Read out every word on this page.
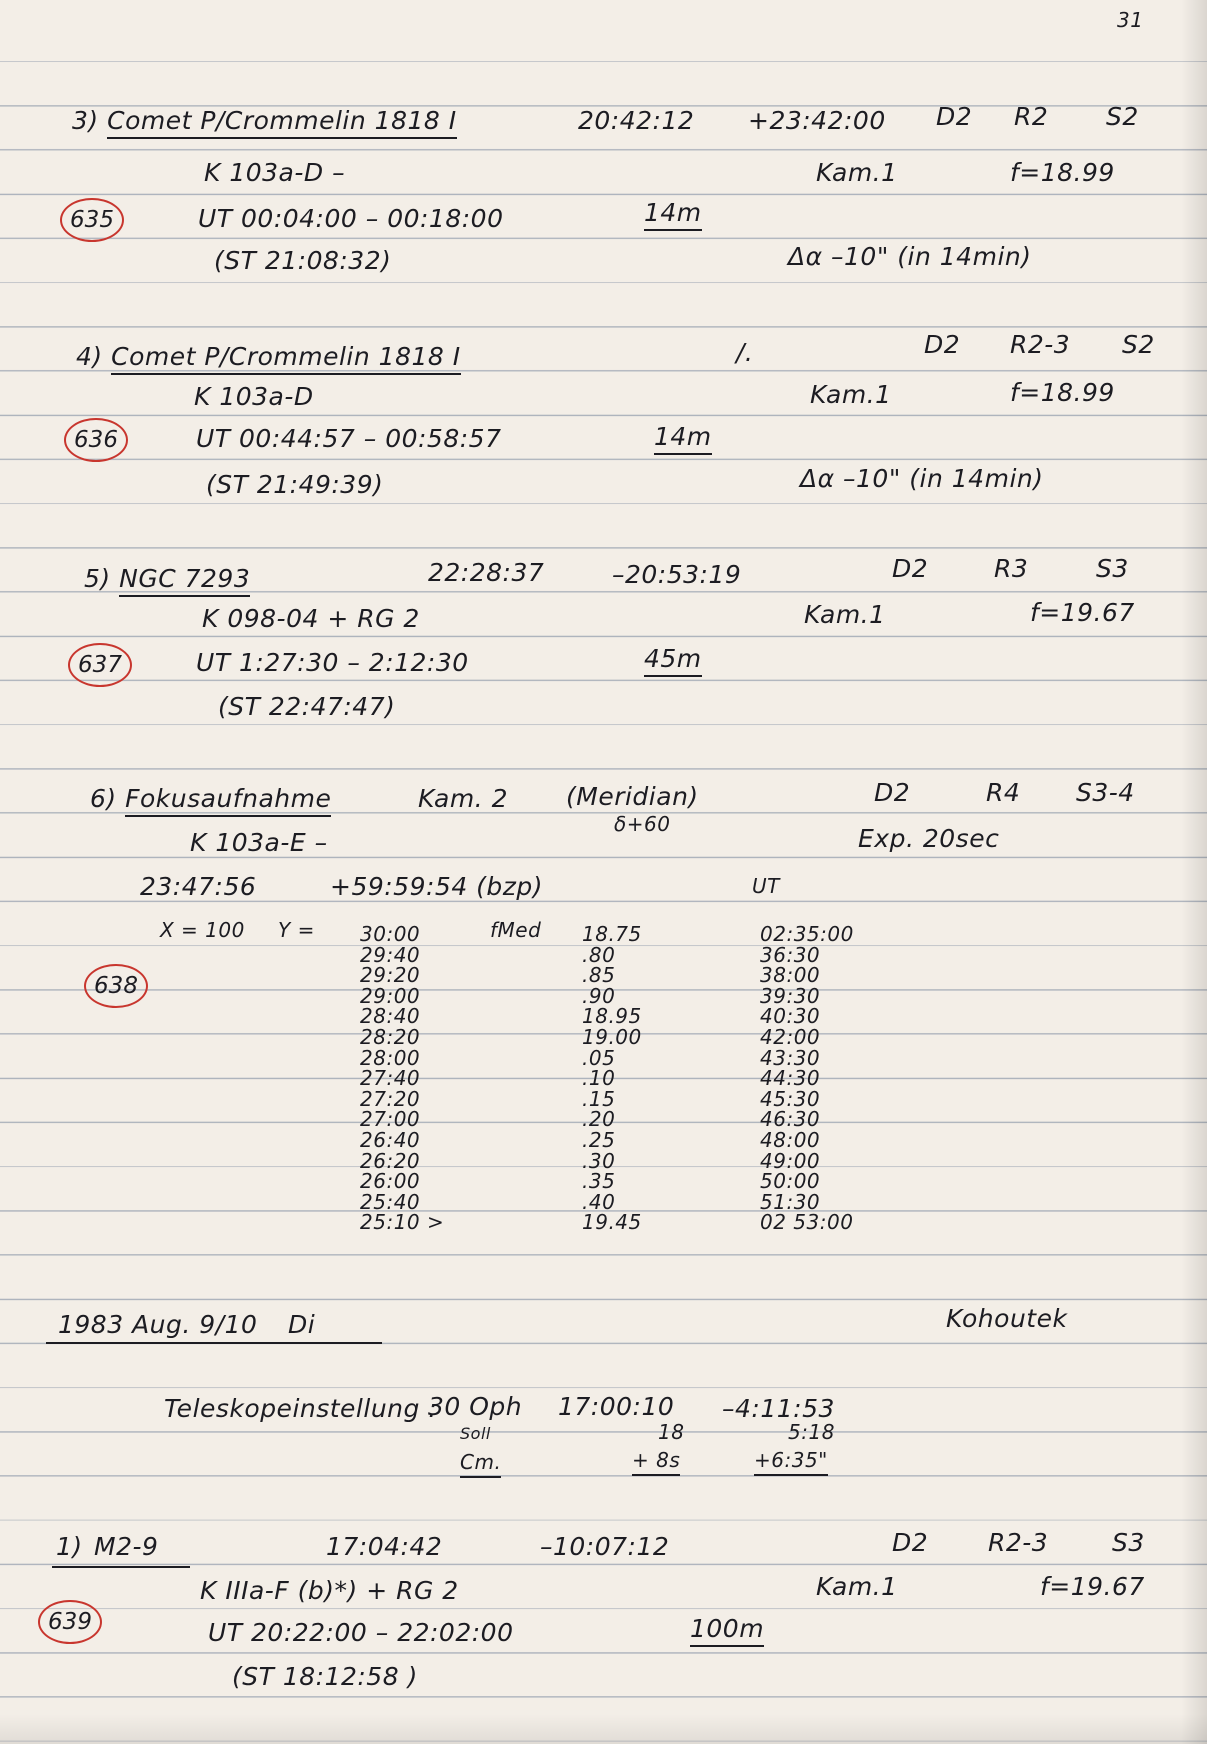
31
3) Comet P/Crommelin 1818 I	20:42:12 +23:42:00 D2 R2 S2
K 103a-D –	Kam.1	f=18.99
635	UT 00:04:00 – 00:18:00	14m
(ST 21:08:32)	Δα –10" (in 14min)
4) Comet P/Crommelin 1818 I	/.	D2 R2-3 S2
K 103a-D	Kam.1	f=18.99
636	UT 00:44:57 – 00:58:57	14m
(ST 21:49:39)	Δα –10" (in 14min)
5) NGC 7293	22:28:37	–20:53:19	D2	R3	S3
K 098-04 + RG 2	Kam.1	f=19.67
637	UT 1:27:30 – 2:12:30	45m
(ST 22:47:47)
6) Fokusaufnahme	Kam. 2 (Meridian)
δ+60
D2	R4 S3-4
K 103a-E –	Exp. 20sec
23:47:56	+59:59:54 (bzp)	UT
X = 100 Y =	fMed
638
30:00	18.75	02:35:00
29:40	.80	36:30
29:20	.85	38:00
29:00	.90	39:30
28:40	18.95	40:30
28:20	19.00	42:00
28:00	.05	43:30
27:40	.10	44:30
27:20	.15	45:30
27:00	.20	46:30
26:40	.25	48:00
26:20	.30	49:00
26:00	.35	50:00
25:40	.40	51:30
25:10 >	19.45	02 53:00
1983 Aug. 9/10 Di	Kohoutek
Teleskopeinstellung :
30 Oph 17:00:10 –4:11:53
Soll	18	5:18
Cm.	+ 8s	+6:35"
1) M2-9	17:04:42	–10:07:12	D2 R2-3	S3
K IIIa-F (b)*) + RG 2	Kam.1	f=19.67
639	UT 20:22:00 – 22:02:00	100m
(ST 18:12:58 )
